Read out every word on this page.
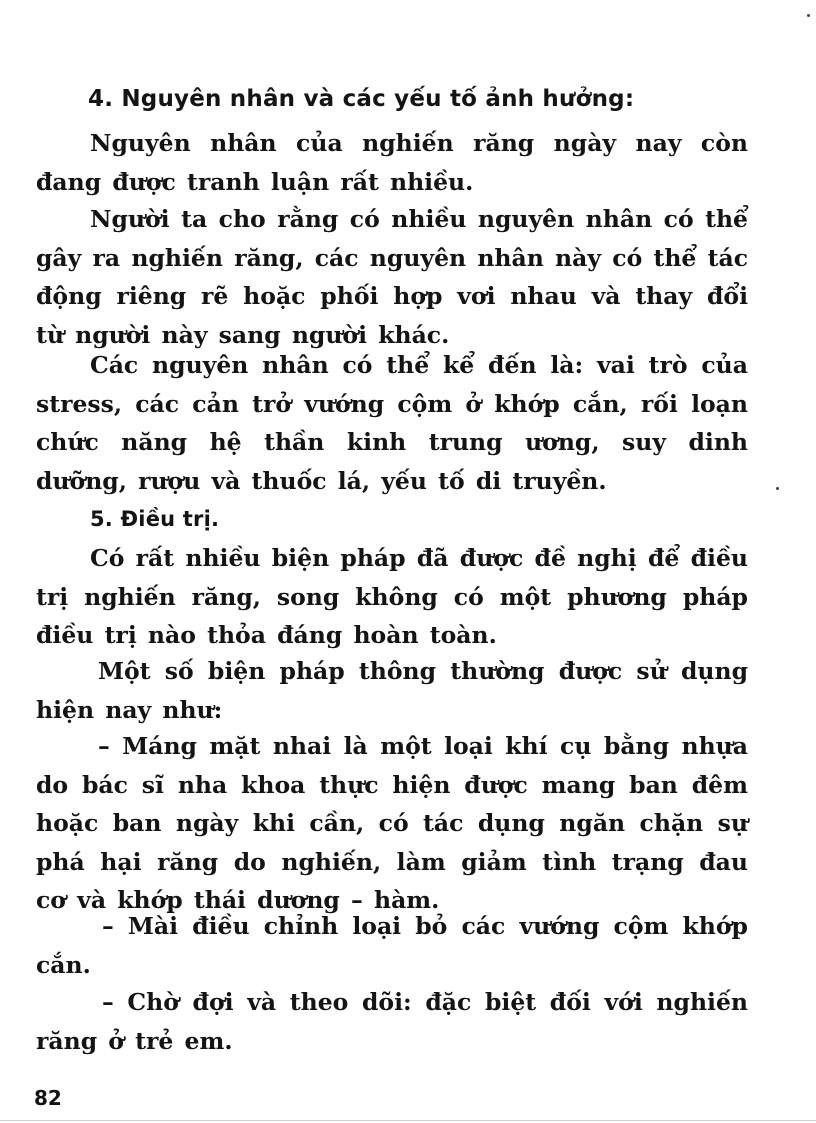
4. Nguyên nhân và các yếu tố ảnh hưởng:

Nguyên nhân của nghiến răng ngày nay còn đang được tranh luận rất nhiều.

Người ta cho rằng có nhiều nguyên nhân có thể gây ra nghiến răng, các nguyên nhân này có thể tác động riêng rẽ hoặc phối hợp vơi nhau và thay đổi từ người này sang người khác.

Các nguyên nhân có thể kể đến là: vai trò của stress, các cản trở vướng cộm ở khớp cắn, rối loạn chức năng hệ thần kinh trung ương, suy dinh dưỡng, rượu và thuốc lá, yếu tố di truyền.

5. Điều trị.

Có rất nhiều biện pháp đã được đề nghị để điều trị nghiến răng, song không có một phương pháp điều trị nào thỏa đáng hoàn toàn.

Một số biện pháp thông thường được sử dụng hiện nay như:

– Máng mặt nhai là một loại khí cụ bằng nhựa do bác sĩ nha khoa thực hiện được mang ban đêm hoặc ban ngày khi cần, có tác dụng ngăn chặn sự phá hại răng do nghiến, làm giảm tình trạng đau cơ và khớp thái dương – hàm.

– Mài điều chỉnh loại bỏ các vướng cộm khớp cắn.

– Chờ đợi và theo dõi: đặc biệt đối với nghiến răng ở trẻ em.

82
